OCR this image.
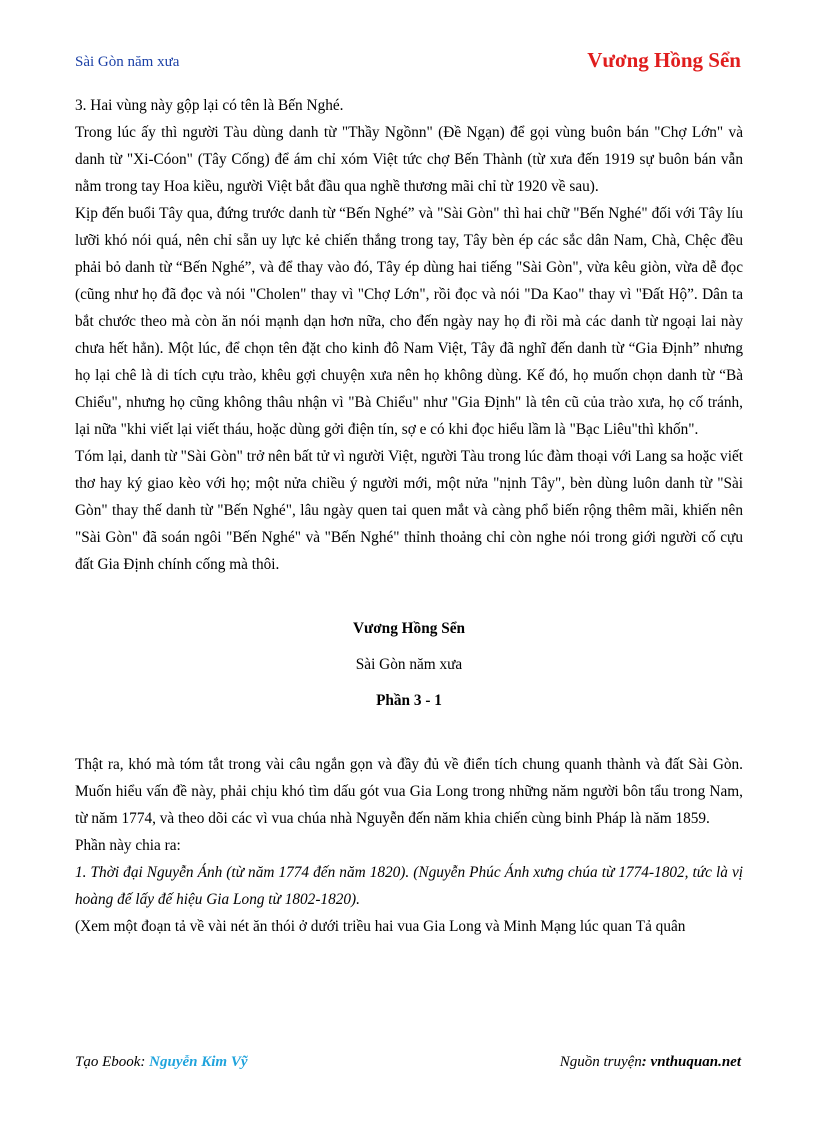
Sài Gòn năm xưa	Vương Hồng Sển

3. Hai vùng này gộp lại có tên là Bến Nghé.

Trong lúc ấy thì người Tàu dùng danh từ "Thầy Ngồnn" (Đề Ngạn) để gọi vùng buôn bán "Chợ Lớn" và danh từ "Xi-Cóon" (Tây Cống) để ám chỉ xóm Việt tức chợ Bến Thành (từ xưa đến 1919 sự buôn bán vẫn nằm trong tay Hoa kiều, người Việt bắt đầu qua nghề thương mãi chỉ từ 1920 về sau).

Kịp đến buổi Tây qua, đứng trước danh từ “Bến Nghé” và "Sài Gòn" thì hai chữ "Bến Nghé" đối với Tây líu lưỡi khó nói quá, nên chỉ sẵn uy lực kẻ chiến thắng trong tay, Tây bèn ép các sắc dân Nam, Chà, Chệc đều phải bỏ danh từ “Bến Nghé”, và để thay vào đó, Tây ép dùng hai tiếng "Sài Gòn", vừa kêu giòn, vừa dễ đọc (cũng như họ đã đọc và nói "Cholen" thay vì "Chợ Lớn", rồi đọc và nói "Da Kao" thay vì "Đất Hộ”. Dân ta bắt chước theo mà còn ăn nói mạnh dạn hơn nữa, cho đến ngày nay họ đi rồi mà các danh từ ngoại lai này chưa hết hẳn). Một lúc, để chọn tên đặt cho kinh đô Nam Việt, Tây đã nghĩ đến danh từ “Gia Định” nhưng họ lại chê là di tích cựu trào, khêu gợi chuyện xưa nên họ không dùng. Kế đó, họ muốn chọn danh từ “Bà Chiểu", nhưng họ cũng không thâu nhận vì "Bà Chiểu" như "Gia Định" là tên cũ của trào xưa, họ cố tránh, lại nữa "khi viết lại viết tháu, hoặc dùng gởi điện tín, sợ e có khi đọc hiểu lầm là "Bạc Liêu"thì khốn".

Tóm lại, danh từ "Sài Gòn" trở nên bất tử vì người Việt, người Tàu trong lúc đàm thoại với Lang sa hoặc viết thơ hay ký giao kèo với họ; một nửa chiều ý người mới, một nửa "nịnh Tây", bèn dùng luôn danh từ "Sài Gòn" thay thế danh từ "Bến Nghé", lâu ngày quen tai quen mắt và càng phổ biến rộng thêm mãi, khiến nên "Sài Gòn" đã soán ngôi "Bến Nghé" và "Bến Nghé" thỉnh thoảng chỉ còn nghe nói trong giới người cố cựu đất Gia Định chính cống mà thôi.

Vương Hồng Sển

Sài Gòn năm xưa

Phần 3 - 1

Thật ra, khó mà tóm tắt trong vài câu ngắn gọn và đầy đủ về điển tích chung quanh thành và đất Sài Gòn. Muốn hiểu vấn đề này, phải chịu khó tìm dấu gót vua Gia Long trong những năm người bôn tẩu trong Nam, từ năm 1774, và theo dõi các vì vua chúa nhà Nguyễn đến năm khia chiến cùng binh Pháp là năm 1859.

Phần này chia ra:

1. Thời đại Nguyễn Ánh (từ năm 1774 đến năm 1820). (Nguyễn Phúc Ánh xưng chúa từ 1774-1802, tức là vị hoàng đế lấy đế hiệu Gia Long từ 1802-1820).

(Xem một đoạn tả về vài nét ăn thói ở dưới triều hai vua Gia Long và Minh Mạng lúc quan Tả quân

Tạo Ebook: Nguyễn Kim Vỹ	Nguồn truyện: vnthuquan.net
